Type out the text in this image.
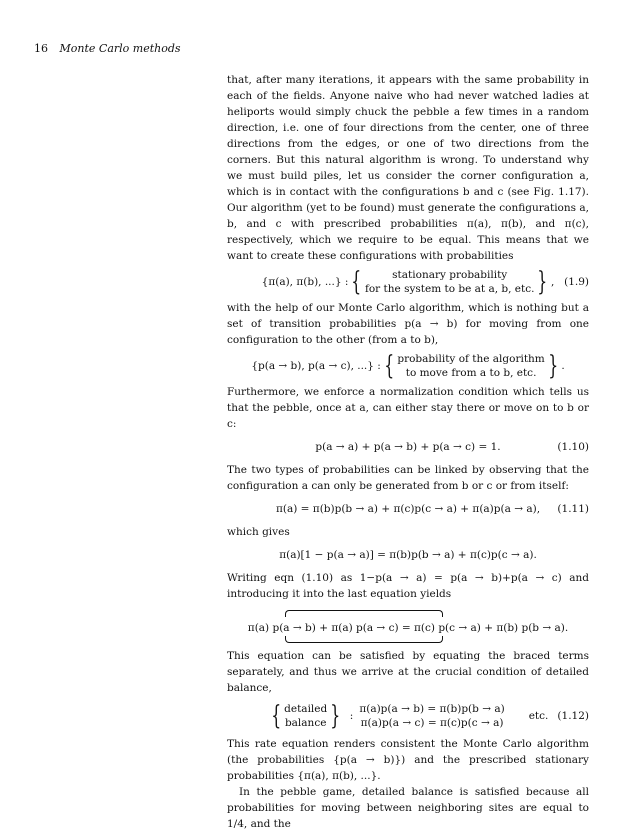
16 Monte Carlo methods

that, after many iterations, it appears with the same probability in each of the fields. Anyone naive who had never watched ladies at heliports would simply chuck the pebble a few times in a random direction, i.e. one of four directions from the center, one of three directions from the edges, or one of two directions from the corners. But this natural algorithm is wrong. To understand why we must build piles, let us consider the corner configuration a, which is in contact with the configurations b and c (see Fig. 1.17). Our algorithm (yet to be found) must generate the configurations a, b, and c with prescribed probabilities π(a), π(b), and π(c), respectively, which we require to be equal. This means that we want to create these configurations with probabilities

{π(a), π(b), ...} : {	stationary probability
for the system to be at a, b, etc. } , (1.9)

with the help of our Monte Carlo algorithm, which is nothing but a set of transition probabilities p(a → b) for moving from one configuration to the other (from a to b),

{p(a → b), p(a → c), ...} : { probability of the algorithm
to move from a to b, etc. } .

Furthermore, we enforce a normalization condition which tells us that the pebble, once at a, can either stay there or move on to b or c:

p(a → a) + p(a → b) + p(a → c) = 1.	(1.10)

The two types of probabilities can be linked by observing that the configuration a can only be generated from b or c or from itself:

π(a) = π(b)p(b → a) + π(c)p(c → a) + π(a)p(a → a), (1.11)

which gives

π(a)[1 − p(a → a)] = π(b)p(b → a) + π(c)p(c → a).

Writing eqn (1.10) as 1−p(a → a) = p(a → b)+p(a → c) and introducing it into the last equation yields

π(a) p(a → b) + π(a) p(a → c) = π(c) p(c → a) + π(b) p(b → a).

This equation can be satisfied by equating the braced terms separately, and thus we arrive at the crucial condition of detailed balance,

{ detailed
balance } :
π(a)p(a → b) = π(b)p(b → a)
π(a)p(a → c) = π(c)p(c → a)
etc. (1.12)

This rate equation renders consistent the Monte Carlo algorithm (the probabilities {p(a → b)}) and the prescribed stationary probabilities {π(a), π(b), ...}.

In the pebble game, detailed balance is satisfied because all probabilities for moving between neighboring sites are equal to 1/4, and the
